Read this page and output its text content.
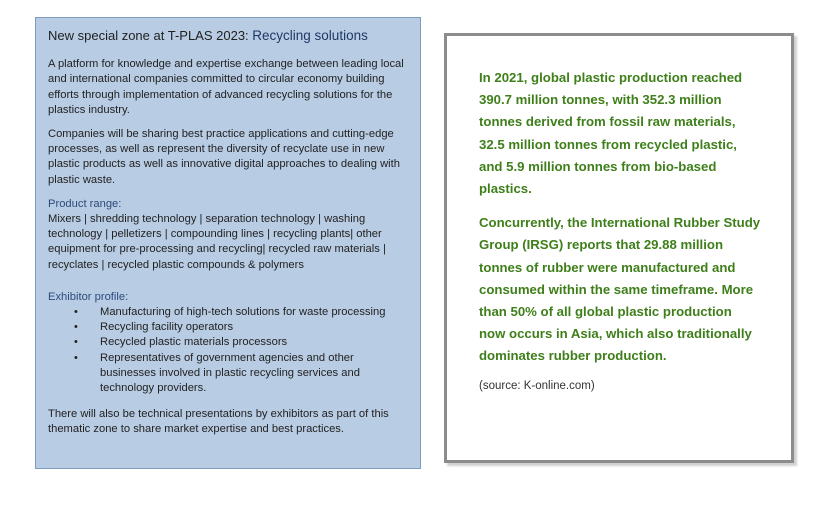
New special zone at T-PLAS 2023: Recycling solutions

A platform for knowledge and expertise exchange between leading local and international companies committed to circular economy building efforts through implementation of advanced recycling solutions for the plastics industry.

Companies will be sharing best practice applications and cutting-edge processes, as well as represent the diversity of recyclate use in new plastic products as well as innovative digital approaches to dealing with plastic waste.

Product range:

Mixers | shredding technology | separation technology | washing technology | pelletizers | compounding lines | recycling plants| other equipment for pre-processing and recycling| recycled raw materials | recyclates | recycled plastic compounds & polymers

Exhibitor profile:

• Manufacturing of high-tech solutions for waste processing
• Recycling facility operators
• Recycled plastic materials processors
• Representatives of government agencies and other businesses involved in plastic recycling services and technology providers.

There will also be technical presentations by exhibitors as part of this thematic zone to share market expertise and best practices.

In 2021, global plastic production reached 390.7 million tonnes, with 352.3 million tonnes derived from fossil raw materials, 32.5 million tonnes from recycled plastic, and 5.9 million tonnes from bio-based plastics.

Concurrently, the International Rubber Study Group (IRSG) reports that 29.88 million tonnes of rubber were manufactured and consumed within the same timeframe. More than 50% of all global plastic production now occurs in Asia, which also traditionally dominates rubber production.

(source: K-online.com)
